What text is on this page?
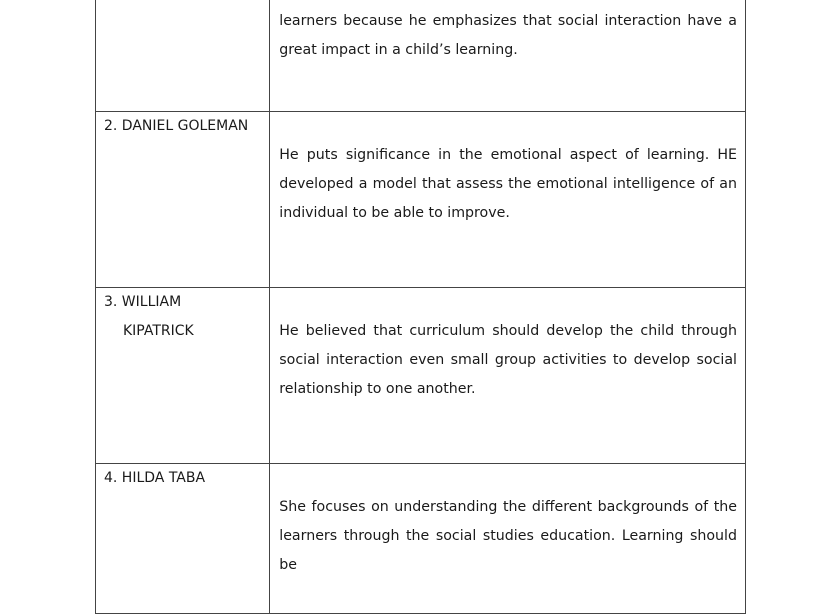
learners because he emphasizes that social interaction have a great impact in a child’s learning.

2. DANIEL GOLEMAN	He puts significance in the emotional aspect of learning. HE developed a model that assess the emotional intelligence of an individual to be able to improve.

3. WILLIAM
KIPATRICK	He believed that curriculum should develop the child through social interaction even small group activities to develop social relationship to one another.

4. HILDA TABA	She focuses on understanding the different backgrounds of the learners through the social studies education. Learning should be
